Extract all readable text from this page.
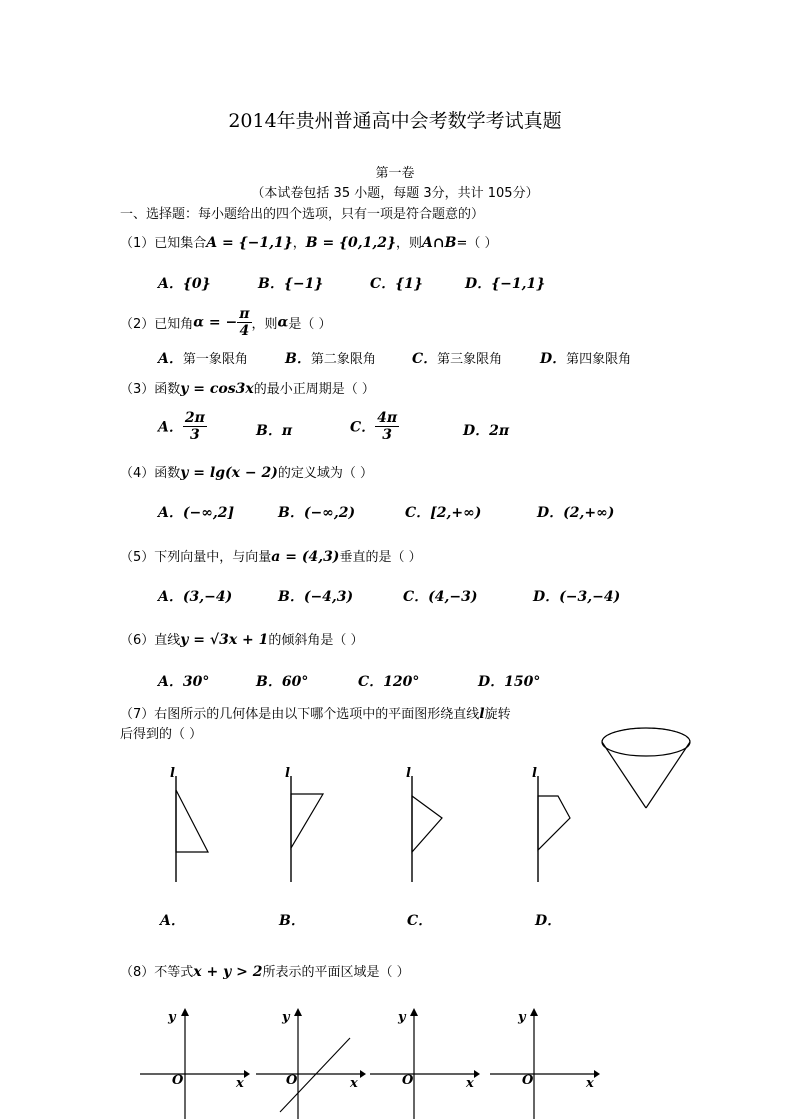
2014年贵州普通高中会考数学考试真题
第一卷
（本试卷包括 35 小题，每题 3分，共计 105分）
一、选择题：每小题给出的四个选项，只有一项是符合题意的）
（1）已知集合A = {−1,1}，B = {0,1,2}，则A∩B=（ ）
A．{0}	B．{−1}	C．{1}	D．{−1,1}
（2）已知角α = − $\frac{\pi}{4}$ ，则α是（ ）
A．第一象限角	B．第二象限角	C．第三象限角	D．第四象限角
（3）函数y = cos3x的最小正周期是（ ）
A． $\frac{2\pi}{3}$	B．π	C． $\frac{4\pi}{3}$	D．2π
（4）函数y = lg(x − 2)的定义域为（ ）
A．(−∞,2]	B．(−∞,2)	C．[2,+∞)	D．(2,+∞)
（5）下列向量中，与向量a = (4,3)垂直的是（ ）
A．(3,−4)	B．(−4,3)	C．(4,−3)	D．(−3,−4)
（6）直线y = √3x + 1的倾斜角是（ ）
A．30°	B．60°	C．120°	D．150°
（7）右图所示的几何体是由以下哪个选项中的平面图形绕直线l旋转
后得到的（ ）
l	l	l	l
A．	B．	C．	D．
（8）不等式x + y > 2所表示的平面区域是（ ）
y
x
O
y
x
O
y
x
O
y
x
O
